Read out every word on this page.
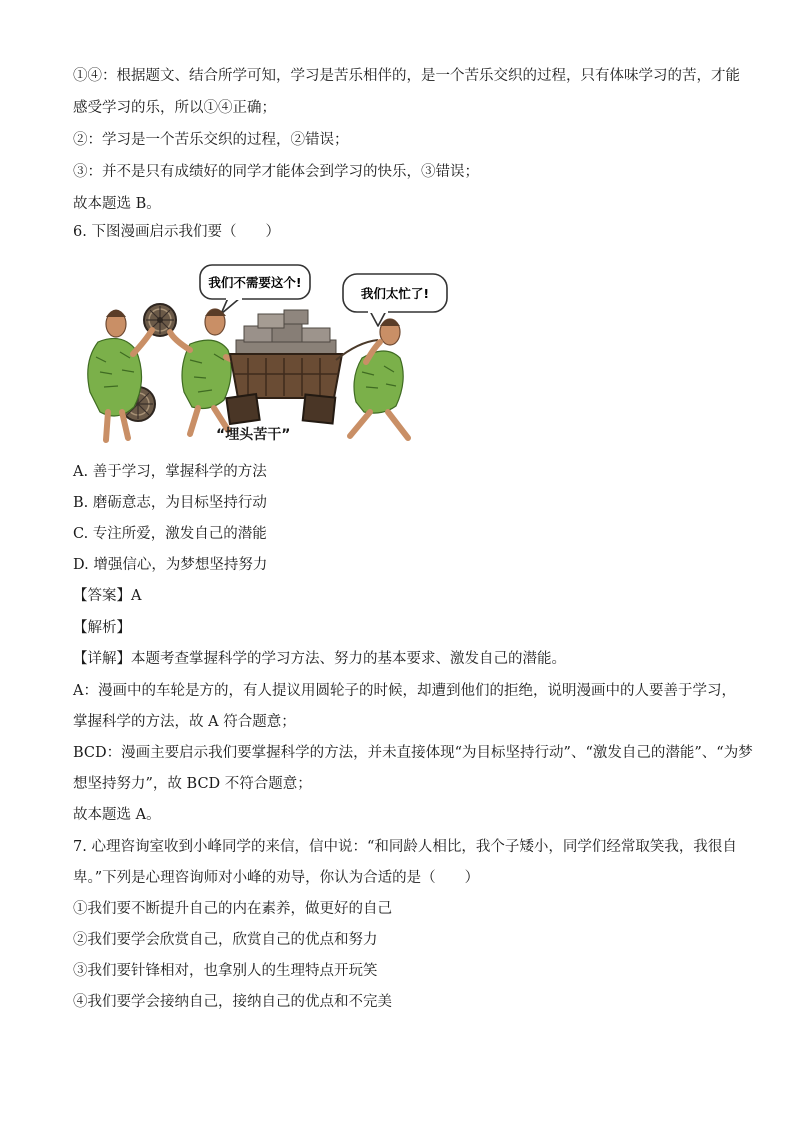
①④：根据题文、结合所学可知，学习是苦乐相伴的，是一个苦乐交织的过程，只有体味学习的苦，才能
感受学习的乐，所以①④正确；
②：学习是一个苦乐交织的过程，②错误；
③：并不是只有成绩好的同学才能体会到学习的快乐，③错误；
故本题选 B。
6. 下图漫画启示我们要（　　）
我们不需要这个!
我们太忙了!
“埋头苦干”
A. 善于学习，掌握科学的方法
B. 磨砺意志，为目标坚持行动
C. 专注所爱，激发自己的潜能
D. 增强信心，为梦想坚持努力
【答案】A
【解析】
【详解】本题考查掌握科学的学习方法、努力的基本要求、激发自己的潜能。
A：漫画中的车轮是方的，有人提议用圆轮子的时候，却遭到他们的拒绝，说明漫画中的人要善于学习，
掌握科学的方法，故 A 符合题意；
BCD：漫画主要启示我们要掌握科学的方法，并未直接体现“为目标坚持行动”、“激发自己的潜能”、“为梦
想坚持努力”，故 BCD 不符合题意；
故本题选 A。
7. 心理咨询室收到小峰同学的来信，信中说：“和同龄人相比，我个子矮小，同学们经常取笑我，我很自
卑。”下列是心理咨询师对小峰的劝导，你认为合适的是（　　）
①我们要不断提升自己的内在素养，做更好的自己
②我们要学会欣赏自己，欣赏自己的优点和努力
③我们要针锋相对，也拿别人的生理特点开玩笑
④我们要学会接纳自己，接纳自己的优点和不完美
